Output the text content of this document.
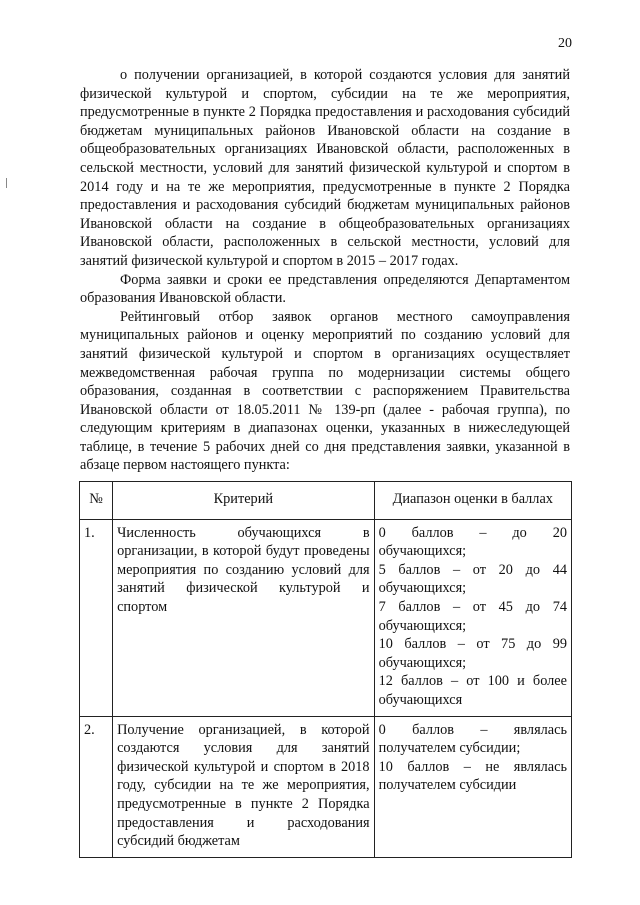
20

о получении организацией, в которой создаются условия для занятий физической культурой и спортом, субсидии на те же мероприятия, предусмотренные в пункте 2 Порядка предоставления и расходования субсидий бюджетам муниципальных районов Ивановской области на создание в общеобразовательных организациях Ивановской области, расположенных в сельской местности, условий для занятий физической культурой и спортом в 2014 году и на те же мероприятия, предусмотренные в пункте 2 Порядка предоставления и расходования субсидий бюджетам муниципальных районов Ивановской области на создание в общеобразовательных организациях Ивановской области, расположенных в сельской местности, условий для занятий физической культурой и спортом в 2015 – 2017 годах.

Форма заявки и сроки ее представления определяются Департаментом образования Ивановской области.

Рейтинговый отбор заявок органов местного самоуправления муниципальных районов и оценку мероприятий по созданию условий для занятий физической культурой и спортом в организациях осуществляет межведомственная рабочая группа по модернизации системы общего образования, созданная в соответствии с распоряжением Правительства Ивановской области от 18.05.2011 № 139-рп (далее - рабочая группа), по следующим критериям в диапазонах оценки, указанных в нижеследующей таблице, в течение 5 рабочих дней со дня представления заявки, указанной в абзаце первом настоящего пункта:

№	Критерий	Диапазон оценки в баллах
1.	Численность обучающихся в организации, в которой будут проведены мероприятия по созданию условий для занятий физической культурой и спортом	0 баллов – до 20 обучающихся;
5 баллов – от 20 до 44 обучающихся;
7 баллов – от 45 до 74 обучающихся;
10 баллов – от 75 до 99 обучающихся;
12 баллов – от 100 и более обучающихся

2.	Получение организацией, в которой создаются условия для занятий физической культурой и спортом в 2018 году, субсидии на те же мероприятия, предусмотренные в пункте 2 Порядка предоставления и расходования субсидий бюджетам	0 баллов – являлась получателем субсидии;
10 баллов – не являлась получателем субсидии
